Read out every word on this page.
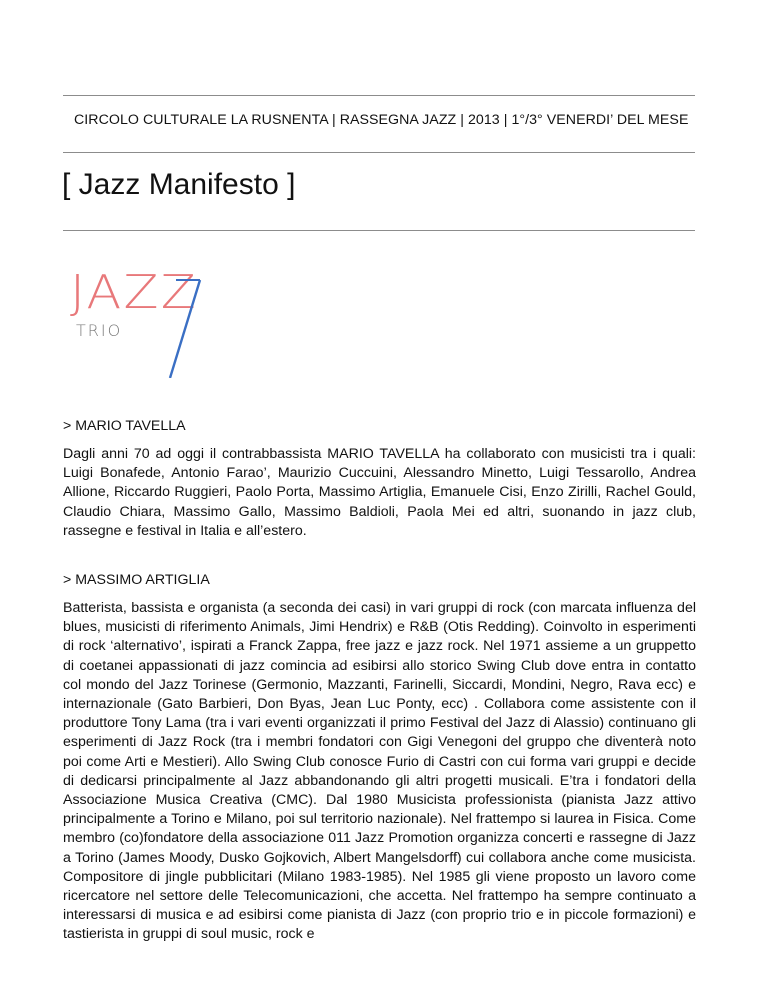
CIRCOLO CULTURALE LA RUSNENTA | RASSEGNA JAZZ | 2013 | 1°/3° VENERDI’ DEL MESE
[ Jazz Manifesto ]
JAZZ
TRIO
> MARIO TAVELLA

Dagli anni 70 ad oggi il contrabbassista MARIO TAVELLA ha collaborato con musicisti tra i quali: Luigi Bonafede, Antonio Farao’, Maurizio Cuccuini, Alessandro Minetto, Luigi Tessarollo, Andrea Allione, Riccardo Ruggieri, Paolo Porta, Massimo Artiglia, Emanuele Cisi, Enzo Zirilli, Rachel Gould, Claudio Chiara, Massimo Gallo, Massimo Baldioli, Paola Mei ed altri, suonando in jazz club, rassegne e festival in Italia e all’estero.

> MASSIMO ARTIGLIA

Batterista, bassista e organista (a seconda dei casi) in vari gruppi di rock (con marcata influenza del blues, musicisti di riferimento Animals, Jimi Hendrix) e R&B (Otis Redding). Coinvolto in esperimenti di rock ‘alternativo’, ispirati a Franck Zappa, free jazz e jazz rock. Nel 1971 assieme a un gruppetto di coetanei appassionati di jazz comincia ad esibirsi allo storico Swing Club dove entra in contatto col mondo del Jazz Torinese (Germonio, Mazzanti, Farinelli, Siccardi, Mondini, Negro, Rava ecc) e internazionale (Gato Barbieri, Don Byas, Jean Luc Ponty, ecc) . Collabora come assistente con il produttore Tony Lama (tra i vari eventi organizzati il primo Festival del Jazz di Alassio) continuano gli esperimenti di Jazz Rock (tra i membri fondatori con Gigi Venegoni del gruppo che diventerà noto poi come Arti e Mestieri). Allo Swing Club conosce Furio di Castri con cui forma vari gruppi e decide di dedicarsi principalmente al Jazz abbandonando gli altri progetti musicali. E’tra i fondatori della Associazione Musica Creativa (CMC). Dal 1980 Musicista professionista (pianista Jazz attivo principalmente a Torino e Milano, poi sul territorio nazionale). Nel frattempo si laurea in Fisica. Come membro (co)fondatore della associazione 011 Jazz Promotion organizza concerti e rassegne di Jazz a Torino (James Moody, Dusko Gojkovich, Albert Mangelsdorff) cui collabora anche come musicista. Compositore di jingle pubblicitari (Milano 1983-1985). Nel 1985 gli viene proposto un lavoro come ricercatore nel settore delle Telecomunicazioni, che accetta. Nel frattempo ha sempre continuato a interessarsi di musica e ad esibirsi come pianista di Jazz (con proprio trio e in piccole formazioni) e tastierista in gruppi di soul music, rock e
